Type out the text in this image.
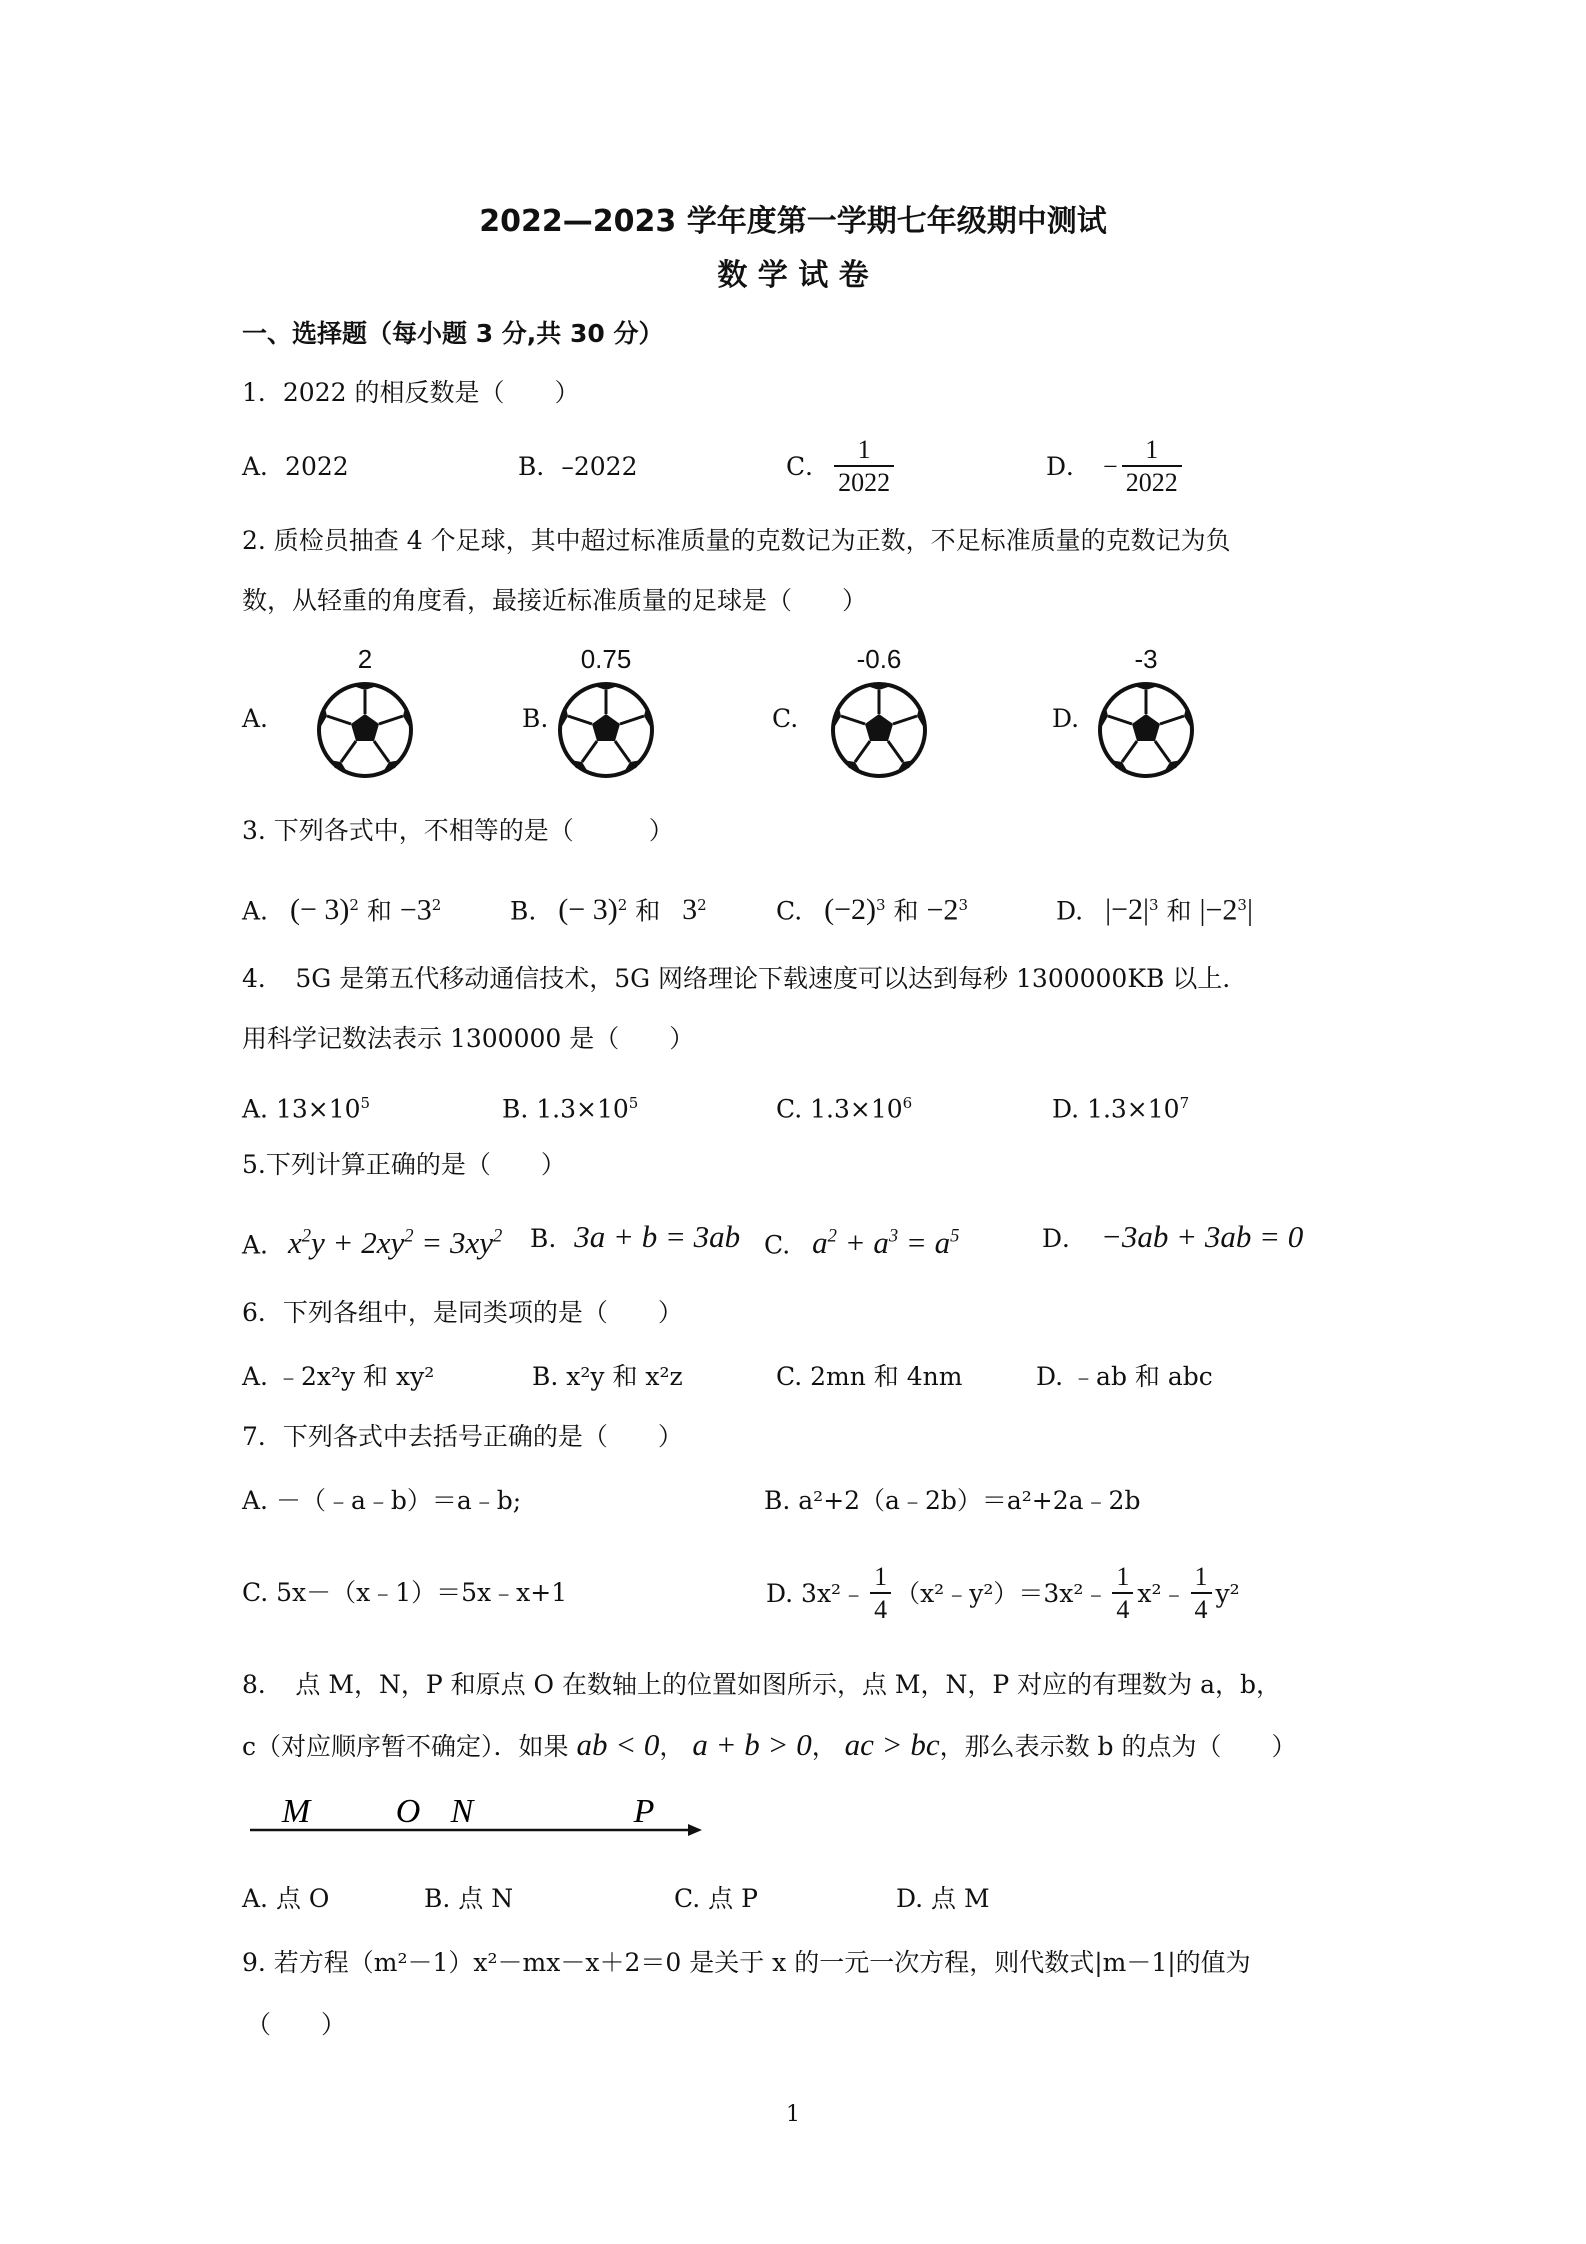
2022—2023 学年度第一学期七年级期中测试
数 学 试 卷
一、选择题（每小题 3 分,共 30 分）
1．2022 的相反数是（　　）
A．2022	B．–2022	C． $\frac{1}{2022}$	D． − $\frac{1}{2022}$
2. 质检员抽查 4 个足球，其中超过标准质量的克数记为正数，不足标准质量的克数记为负
数，从轻重的角度看，最接近标准质量的足球是（　　）
A.
2
B.
0.75
C.
-0.6
D.
-3
3. 下列各式中，不相等的是（　　　）
A. (− 3)$^2$ 和 $-3^2$	B. (− 3)$^2$ 和 $3^2$	C. $(-2)^3$ 和 $-2^3$	D. $|-2|^3$ 和 $|-2^3|$
4．　5G 是第五代移动通信技术，5G 网络理论下载速度可以达到每秒 1300000KB 以上．
用科学记数法表示 1300000 是（　　）
A. $13\times 10^5$	B. $1.3\times 10^5$	C. $1.3\times 10^6$	D. $1.3\times 10^7$
5.下列计算正确的是（　　）
A. $x^2y + 2xy^2 = 3xy^2$ B. 3a + b = 3ab C. $a^2 + a^3 = a^5$	D． −3ab + 3ab = 0
6．下列各组中，是同类项的是（　　）
A. ﹣2x²y 和 xy²	B. x²y 和 x²z	C. 2mn 和 4nm	D. ﹣ab 和 abc
7．下列各式中去括号正确的是（　　）
A. －（﹣a﹣b）＝a﹣b;	B. a²+2（a﹣2b）＝a²+2a﹣2b
C. 5x－（x﹣1）＝5x﹣x+1	D. 3x²﹣ $\frac{1}{4}$ （x²﹣y²）＝3x²﹣ $\frac{1}{4}$ x²﹣ $\frac{1}{4} y^2$
8．　点 M，N，P 和原点 O 在数轴上的位置如图所示，点 M，N，P 对应的有理数为 a，b，
c（对应顺序暂不确定）．如果 ab < 0， a + b > 0， ac > bc，那么表示数 b 的点为（　　）
M	O N	P
A. 点 O	B. 点 N	C. 点 P	D. 点 M
9. 若方程（m²－1）x²－mx－x＋2＝0 是关于 x 的一元一次方程，则代数式|m－1|的值为
（　　）
1
